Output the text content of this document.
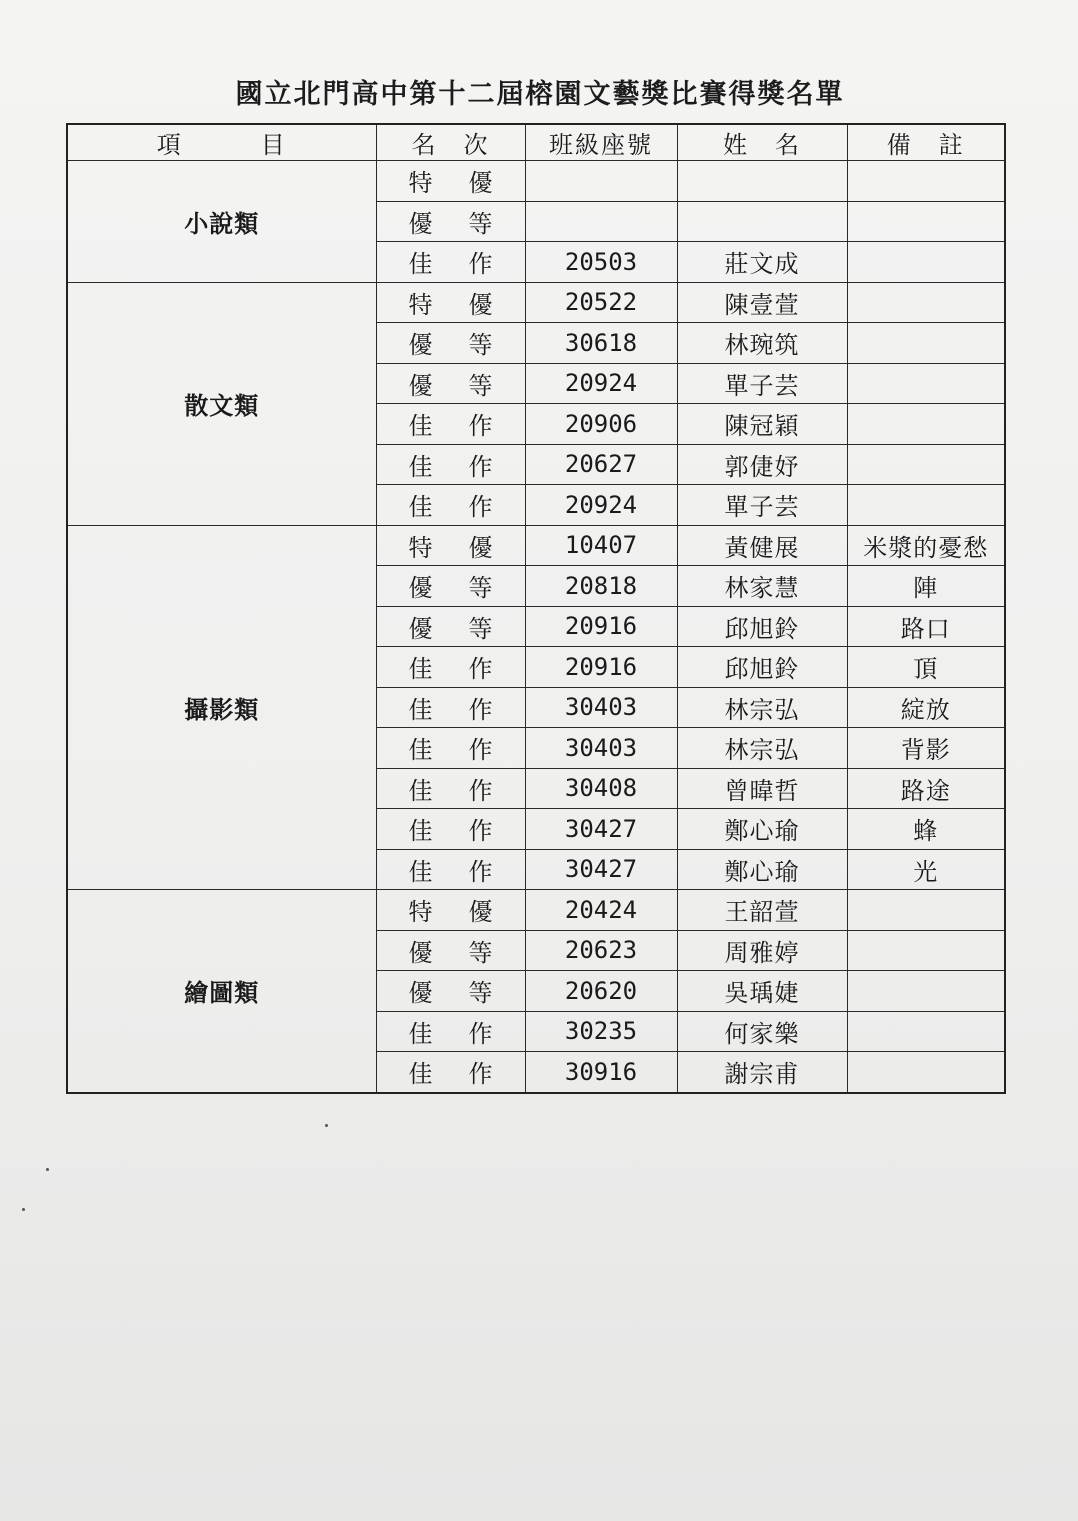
國立北門高中第十二屆榕園文藝獎比賽得獎名單
項　　　目	名　次	班級座號	姓　名	備　註
小說類	特 優			
	優 等			
	佳 作	20503	莊文成	
散文類	特 優	20522	陳壹萱	
	優 等	30618	林琬筑	
	優 等	20924	單子芸	
	佳 作	20906	陳冠穎	
	佳 作	20627	郭倢妤	
	佳 作	20924	單子芸	
攝影類	特 優	10407	黃健展	米漿的憂愁
	優 等	20818	林家慧	陣
	優 等	20916	邱旭鈴	路口
	佳 作	20916	邱旭鈴	頂
	佳 作	30403	林宗弘	綻放
	佳 作	30403	林宗弘	背影
	佳 作	30408	曾暐哲	路途
	佳 作	30427	鄭心瑜	蜂
	佳 作	30427	鄭心瑜	光
繪圖類	特 優	20424	王韶萱	
	優 等	20623	周雅婷	
	優 等	20620	吳瑀婕	
	佳 作	30235	何家樂	
	佳 作	30916	謝宗甫	
